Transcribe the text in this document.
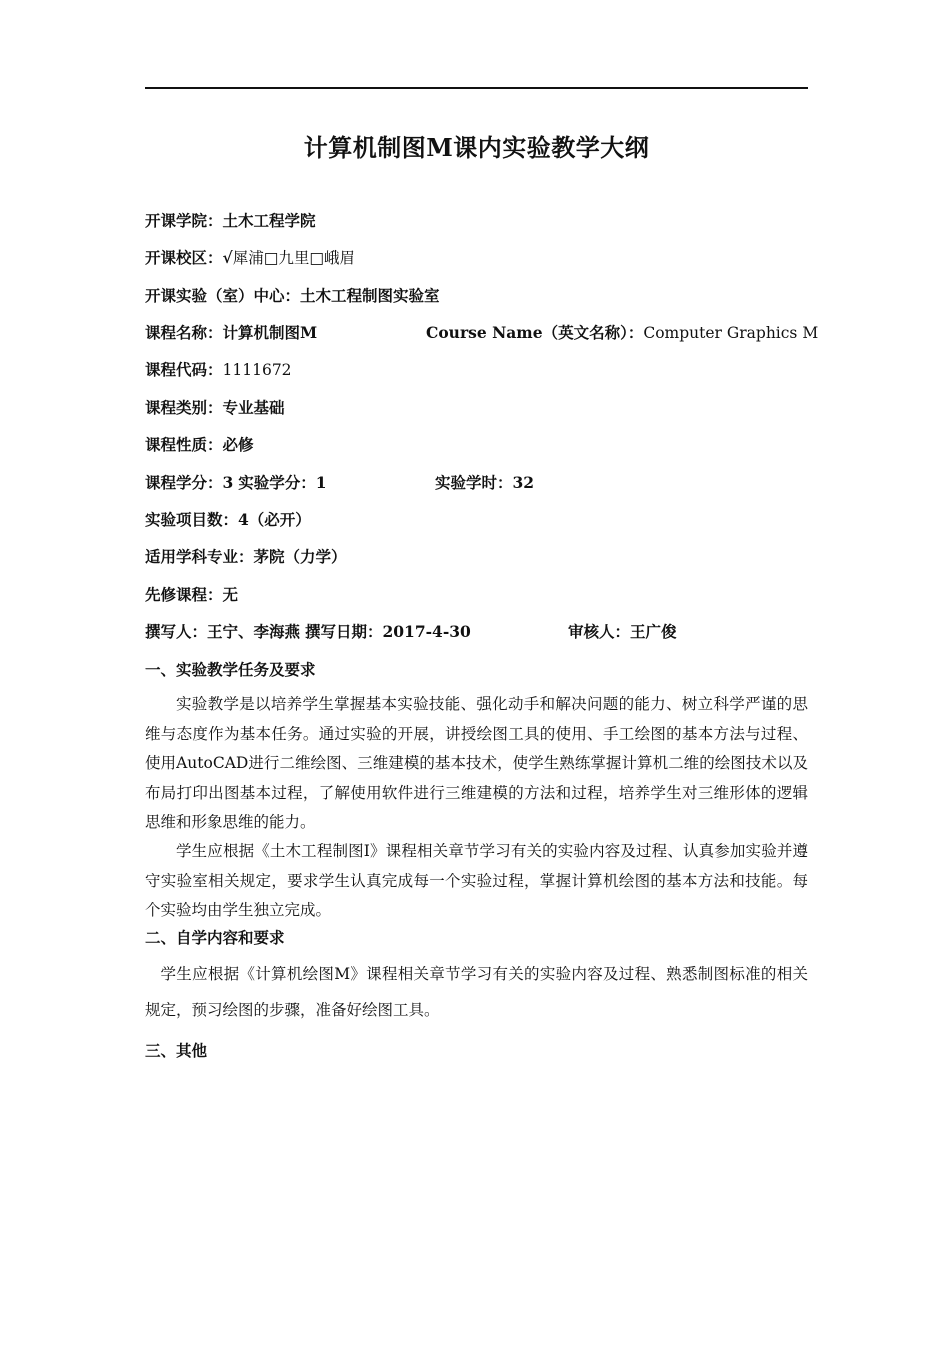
计算机制图M课内实验教学大纲
开课学院：土木工程学院
开课校区：√犀浦□九里□峨眉
开课实验（室）中心：土木工程制图实验室
课程名称：计算机制图M	Course Name（英文名称）：Computer Graphics M
课程代码：1111672
课程类别：专业基础
课程性质：必修
课程学分：3 实验学分：1	实验学时：32
实验项目数：4（必开）
适用学科专业：茅院（力学）
先修课程：无
撰写人：王宁、李海燕 撰写日期：2017-4-30	审核人：王广俊
一、实验教学任务及要求
实验教学是以培养学生掌握基本实验技能、强化动手和解决问题的能力、树立科学严谨的思维与态度作为基本任务。通过实验的开展，讲授绘图工具的使用、手工绘图的基本方法与过程、使用AutoCAD进行二维绘图、三维建模的基本技术，使学生熟练掌握计算机二维的绘图技术以及布局打印出图基本过程，了解使用软件进行三维建模的方法和过程，培养学生对三维形体的逻辑思维和形象思维的能力。
学生应根据《土木工程制图I》课程相关章节学习有关的实验内容及过程、认真参加实验并遵守实验室相关规定，要求学生认真完成每一个实验过程，掌握计算机绘图的基本方法和技能。每个实验均由学生独立完成。
二、自学内容和要求
学生应根据《计算机绘图M》课程相关章节学习有关的实验内容及过程、熟悉制图标准的相关规定，预习绘图的步骤，准备好绘图工具。
三、其他
